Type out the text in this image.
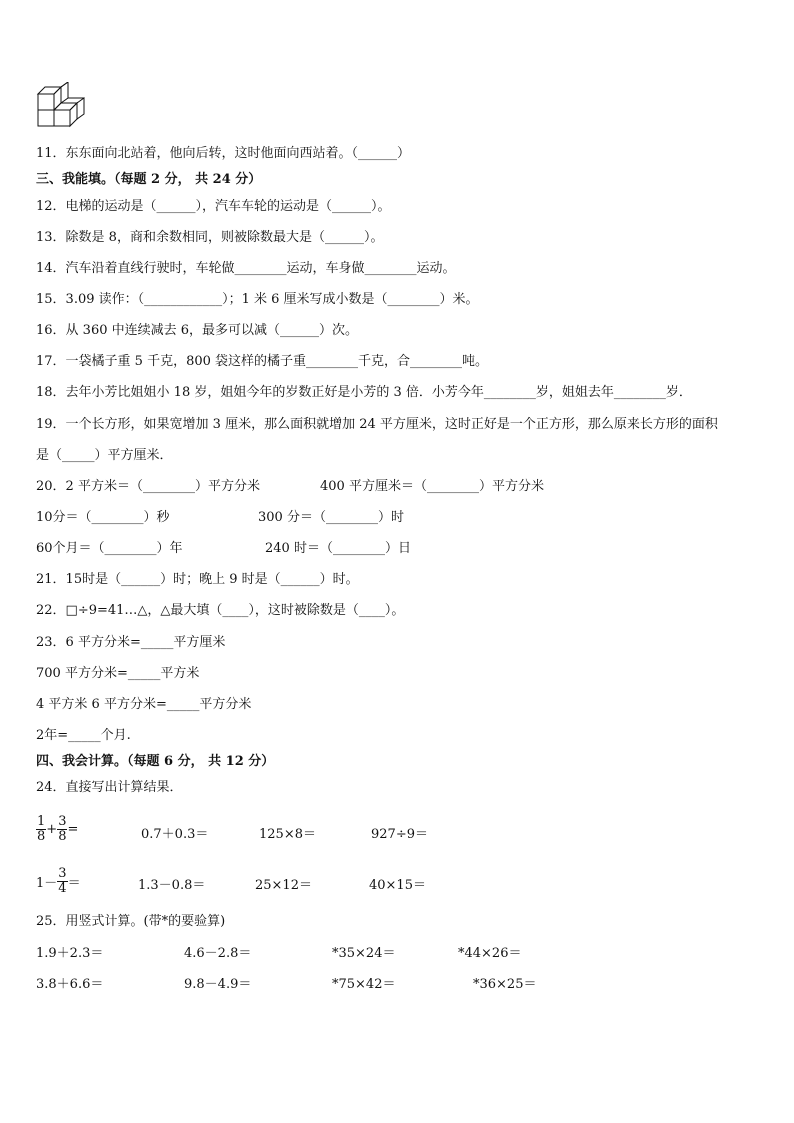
11．东东面向北站着，他向后转，这时他面向西站着。（______）
三、我能填。（每题 2 分， 共 24 分）
12．电梯的运动是（______），汽车车轮的运动是（______）。
13．除数是 8，商和余数相同，则被除数最大是（______）。
14．汽车沿着直线行驶时，车轮做________运动，车身做________运动。
15．3.09 读作：（____________）；1 米 6 厘米写成小数是（________）米。
16．从 360 中连续减去 6，最多可以减（______）次。
17．一袋橘子重 5 千克，800 袋这样的橘子重________千克，合________吨。
18．去年小芳比姐姐小 18 岁，姐姐今年的岁数正好是小芳的 3 倍．小芳今年________岁，姐姐去年________岁．
19．一个长方形，如果宽增加 3 厘米，那么面积就增加 24 平方厘米，这时正好是一个正方形，那么原来长方形的面积
是（_____）平方厘米．
20．2 平方米＝（________）平方分米	400 平方厘米＝（________）平方分米
10分＝（________）秒	300 分＝（________）时
60个月＝（________）年	240 时＝（________）日
21．15时是（______）时；晚上 9 时是（______）时。
22．□÷9=41…△，△最大填（____），这时被除数是（____）。
23．6 平方分米=_____平方厘米
700 平方分米=_____平方米
4 平方米 6 平方分米=_____平方分米
2年=_____个月.
四、我会计算。（每题 6 分， 共 12 分）
24．直接写出计算结果．
$\frac{1}{8} + \frac{3}{8}$ =	0.7＋0.3＝	125×8＝	927÷9＝
$1- \frac{3}{4}$ ＝	1.3－0.8＝	25×12＝	40×15＝
25．用竖式计算。(带*的要验算)
1.9＋2.3＝	4.6－2.8＝	*35×24＝	*44×26＝
3.8＋6.6＝	9.8－4.9＝	*75×42＝	*36×25＝
